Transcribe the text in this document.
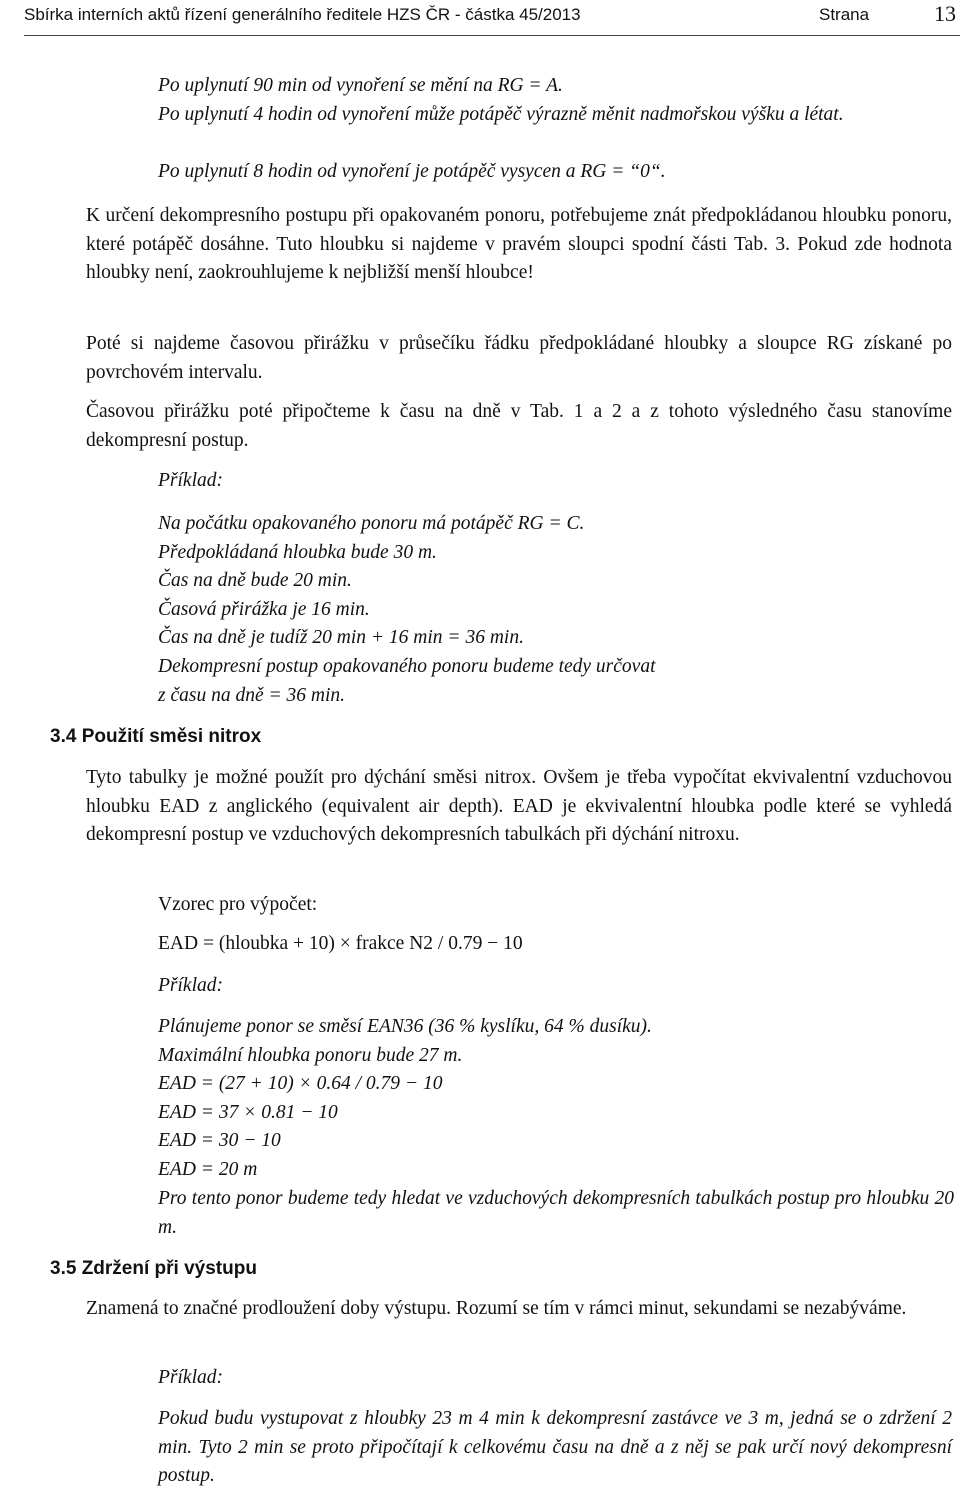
Sbírka interních aktů řízení generálního ředitele HZS ČR - částka 45/2013	Strana	13

Po uplynutí 90 min od vynoření se mění na RG = A.

Po uplynutí 4 hodin od vynoření může potápěč výrazně měnit nadmořskou výšku a létat.

Po uplynutí 8 hodin od vynoření je potápěč vysycen a RG = “0“.

K určení dekompresního postupu při opakovaném ponoru, potřebujeme znát předpokládanou hloubku ponoru, které potápěč dosáhne. Tuto hloubku si najdeme v pravém sloupci spodní části Tab. 3. Pokud zde hodnota hloubky není, zaokrouhlujeme k nejbližší menší hloubce!

Poté si najdeme časovou přirážku v průsečíku řádku předpokládané hloubky a sloupce RG získané po povrchovém intervalu.

Časovou přirážku poté připočteme k času na dně v Tab. 1 a 2 a z tohoto výsledného času stanovíme dekompresní postup.

Příklad:

Na počátku opakovaného ponoru má potápěč RG = C.
Předpokládaná hloubka bude 30 m.
Čas na dně bude 20 min.
Časová přirážka je 16 min.
Čas na dně je tudíž 20 min + 16 min = 36 min.
Dekompresní postup opakovaného ponoru budeme tedy určovat
z času na dně = 36 min.
3.4 Použití směsi nitrox

Tyto tabulky je možné použít pro dýchání směsi nitrox. Ovšem je třeba vypočítat ekvivalentní vzduchovou hloubku EAD z anglického (equivalent air depth). EAD je ekvivalentní hloubka podle které se vyhledá dekompresní postup ve vzduchových dekompresních tabulkách při dýchání nitroxu.

Vzorec pro výpočet:

EAD = (hloubka + 10) × frakce N2 / 0.79 − 10

Příklad:

Plánujeme ponor se směsí EAN36 (36 % kyslíku, 64 % dusíku).
Maximální hloubka ponoru bude 27 m.
EAD = (27 + 10) × 0.64 / 0.79 − 10
EAD = 37 × 0.81 − 10
EAD = 30 − 10
EAD = 20 m

Pro tento ponor budeme tedy hledat ve vzduchových dekompresních tabulkách postup pro hloubku 20 m.

3.5 Zdržení při výstupu

Znamená to značné prodloužení doby výstupu. Rozumí se tím v rámci minut, sekundami se nezabýváme.

Příklad:

Pokud budu vystupovat z hloubky 23 m 4 min k dekompresní zastávce ve 3 m, jedná se o zdržení 2 min. Tyto 2 min se proto připočítají k celkovému času na dně a z něj se pak určí nový dekompresní postup.
